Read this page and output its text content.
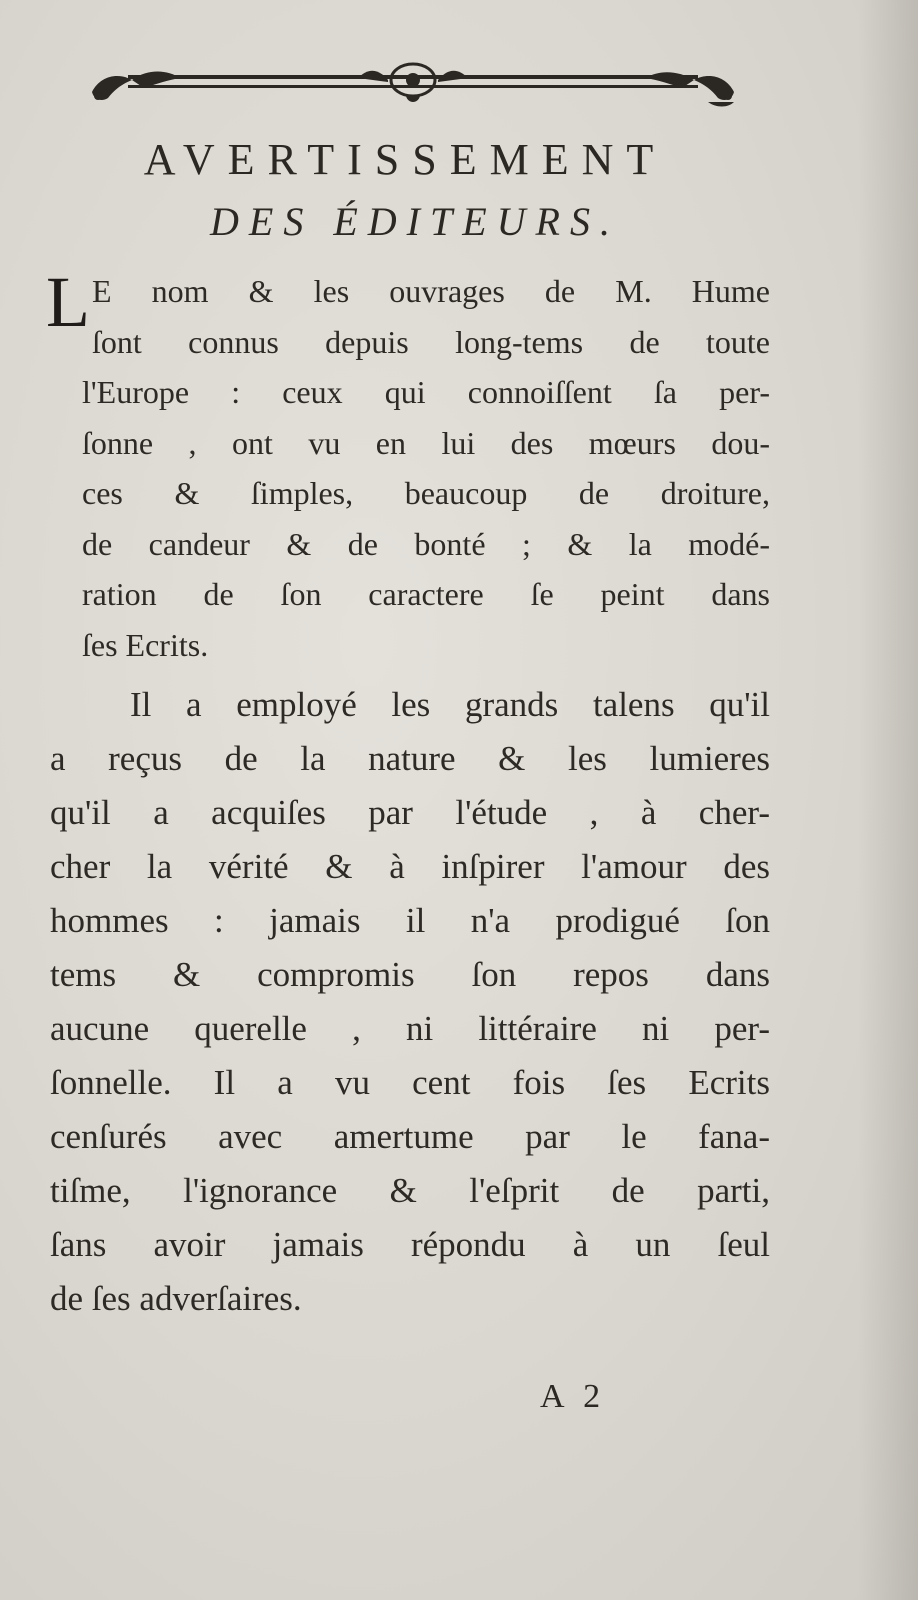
AVERTISSEMENT
DES ÉDITEURS.
L E nom & les ouvrages de M. Hume
ſont connus depuis long-tems de toute
l'Europe : ceux qui connoiſſent ſa per-
ſonne , ont vu en lui des mœurs dou-
ces & ſimples, beaucoup de droiture,
de candeur & de bonté ; & la modé-
ration de ſon caractere ſe peint dans
ſes Ecrits.
Il a employé les grands talens qu'il
a reçus de la nature & les lumieres
qu'il a acquiſes par l'étude , à cher-
cher la vérité & à inſpirer l'amour des
hommes : jamais il n'a prodigué ſon
tems & compromis ſon repos dans
aucune querelle , ni littéraire ni per-
ſonnelle. Il a vu cent fois ſes Ecrits
cenſurés avec amertume par le fana-
tiſme, l'ignorance & l'eſprit de parti,
ſans avoir jamais répondu à un ſeul
de ſes adverſaires.
A 2
